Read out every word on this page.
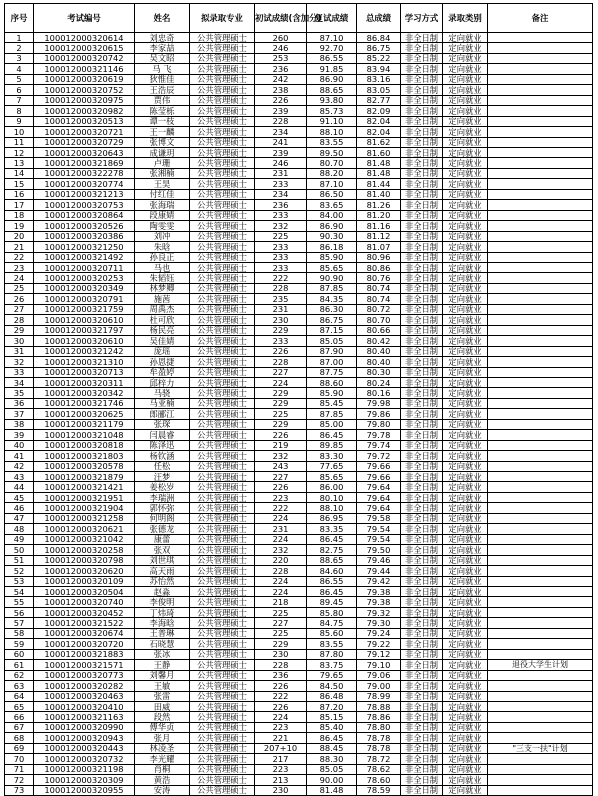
序号	考试编号	姓名	拟录取专业	初试成绩(含加分)	复试成绩	总成绩	学习方式	录取类别	备注
1	100012000320614	刘忠奇	公共管理硕士	260	87.10	86.84	非全日制	定向就业	
2	100012000320615	李家喆	公共管理硕士	246	92.70	86.75	非全日制	定向就业	
3	100012000320742	吴文昭	公共管理硕士	253	86.55	85.22	非全日制	定向就业	
4	100012000321146	马 飞	公共管理硕士	236	91.85	83.94	非全日制	定向就业	
5	100012000320619	狄惟佳	公共管理硕士	242	86.90	83.16	非全日制	定向就业	
6	100012000320752	王浩辰	公共管理硕士	238	88.65	83.05	非全日制	定向就业	
7	100012000320975	贾伟	公共管理硕士	226	93.80	82.77	非全日制	定向就业	
8	100012000320982	陈莹栎	公共管理硕士	239	85.73	82.09	非全日制	定向就业	
9	100012000320513	谭一枝	公共管理硕士	228	91.10	82.04	非全日制	定向就业	
10	100012000320721	王一麟	公共管理硕士	234	88.10	82.04	非全日制	定向就业	
11	100012000320729	张博文	公共管理硕士	241	83.55	81.62	非全日制	定向就业	
12	100012000320643	成谦玥	公共管理硕士	239	89.50	81.60	非全日制	定向就业	
13	100012000321869	卢珊	公共管理硕士	246	80.70	81.48	非全日制	定向就业	
14	100012000322278	张湘楠	公共管理硕士	231	88.20	81.48	非全日制	定向就业	
15	100012000320774	王昊	公共管理硕士	233	87.10	81.44	非全日制	定向就业	
16	100012000321213	付红佳	公共管理硕士	234	86.50	81.40	非全日制	定向就业	
17	100012000320753	张海瑞	公共管理硕士	236	83.65	81.26	非全日制	定向就业	
18	100012000320864	段康婧	公共管理硕士	233	84.00	81.20	非全日制	定向就业	
19	100012000320526	陶雯雯	公共管理硕士	232	86.90	81.16	非全日制	定向就业	
20	100012000320386	刘冲	公共管理硕士	225	90.30	81.12	非全日制	定向就业	
21	100012000321250	朱晗	公共管理硕士	233	86.18	81.07	非全日制	定向就业	
22	100012000321492	孙良正	公共管理硕士	233	85.90	80.96	非全日制	定向就业	
23	100012000320711	马也	公共管理硕士	233	85.65	80.86	非全日制	定向就业	
24	100012000320253	朱韬钰	公共管理硕士	222	90.90	80.76	非全日制	定向就业	
25	100012000320349	林梦卿	公共管理硕士	228	87.85	80.74	非全日制	定向就业	
26	100012000320791	施茜	公共管理硕士	235	84.35	80.74	非全日制	定向就业	
27	100012000321759	周禹杰	公共管理硕士	231	86.30	80.72	非全日制	定向就业	
28	100012000320610	杜可欣	公共管理硕士	230	86.75	80.70	非全日制	定向就业	
29	100012000321797	杨民亮	公共管理硕士	229	87.15	80.66	非全日制	定向就业	
30	100012000320610	吴佳婧	公共管理硕士	233	85.05	80.42	非全日制	定向就业	
31	100012000321242	庞瑶	公共管理硕士	226	87.90	80.40	非全日制	定向就业	
32	100012000321310	孙恩捷	公共管理硕士	228	87.00	80.40	非全日制	定向就业	
33	100012000320713	牟盈婷	公共管理硕士	227	87.75	80.30	非全日制	定向就业	
34	100012000320311	邱梓力	公共管理硕士	224	88.60	80.24	非全日制	定向就业	
35	100012000320342	马骁	公共管理硕士	229	85.90	80.16	非全日制	定向就业	
36	100012000321746	马亚楠	公共管理硕士	229	85.45	79.98	非全日制	定向就业	
37	100012000320625	郎郦江	公共管理硕士	225	87.85	79.86	非全日制	定向就业	
38	100012000321179	张琛	公共管理硕士	229	85.00	79.80	非全日制	定向就业	
39	100012000321048	闫晨睿	公共管理硕士	226	86.45	79.78	非全日制	定向就业	
40	100012000320818	陈泽迅	公共管理硕士	219	89.85	79.74	非全日制	定向就业	
41	100012000321803	杨钦涵	公共管理硕士	232	83.30	79.72	非全日制	定向就业	
42	100012000320578	任松	公共管理硕士	243	77.65	79.66	非全日制	定向就业	
43	100012000321879	汪梦	公共管理硕士	227	85.65	79.66	非全日制	定向就业	
44	100012000321421	姜松岁	公共管理硕士	226	86.00	79.64	非全日制	定向就业	
45	100012000321951	李瑞洲	公共管理硕士	223	80.10	79.64	非全日制	定向就业	
46	100012000321904	郭怀弥	公共管理硕士	222	88.10	79.64	非全日制	定向就业	
47	100012000321258	何明阁	公共管理硕士	224	86.95	79.58	非全日制	定向就业	
48	100012000320621	张德龙	公共管理硕士	231	83.35	79.54	非全日制	定向就业	
49	100012000321042	康蕾	公共管理硕士	224	86.45	79.54	非全日制	定向就业	
50	100012000320258	张双	公共管理硕士	232	82.75	79.50	非全日制	定向就业	
51	100012000320798	刘世琪	公共管理硕士	220	88.65	79.46	非全日制	定向就业	
52	100012000320620	高天雨	公共管理硕士	228	84.60	79.44	非全日制	定向就业	
53	100012000320109	苏怡然	公共管理硕士	224	86.55	79.42	非全日制	定向就业	
54	100012000320504	赵淼	公共管理硕士	224	86.45	79.38	非全日制	定向就业	
55	100012000320740	李俊明	公共管理硕士	218	89.45	79.38	非全日制	定向就业	
56	100012000320452	丁炜琦	公共管理硕士	225	85.80	79.32	非全日制	定向就业	
57	100012000321522	李海晗	公共管理硕士	227	84.75	79.30	非全日制	定向就业	
58	100012000320674	王普琳	公共管理硕士	225	85.60	79.24	非全日制	定向就业	
59	100012000320720	石晓慧	公共管理硕士	229	83.55	79.22	非全日制	定向就业	
60	100012000321883	张冰	公共管理硕士	230	87.80	79.12	非全日制	定向就业	
61	100012000321571	王静	公共管理硕士	228	83.75	79.10	非全日制	定向就业	退役大学生计划
62	100012000320773	刘馨月	公共管理硕士	236	79.65	79.06	非全日制	定向就业	
63	100012000320282	王敏	公共管理硕士	226	84.50	79.00	非全日制	定向就业	
64	100012000320463	张雷	公共管理硕士	222	86.48	78.99	非全日制	定向就业	
65	100012000320410	田威	公共管理硕士	226	87.20	78.88	非全日制	定向就业	
66	100012000321163	段然	公共管理硕士	224	85.15	78.86	非全日制	定向就业	
67	100012000320990	傅华贞	公共管理硕士	223	85.40	78.80	非全日制	定向就业	
68	100012000320943	张月	公共管理硕士	221	86.45	78.78	非全日制	定向就业	
69	100012000320443	林凌圣	公共管理硕士	207+10	88.45	78.78	非全日制	定向就业	"三支一扶"计划
70	100012000320732	李光耀	公共管理硕士	217	88.30	78.72	非全日制	定向就业	
71	100012000321198	肖桐	公共管理硕士	223	85.05	78.62	非全日制	定向就业	
72	100012000320309	黄浩	公共管理硕士	213	90.00	78.60	非全日制	定向就业	
73	100012000320955	安涛	公共管理硕士	230	81.48	78.59	非全日制	定向就业	
